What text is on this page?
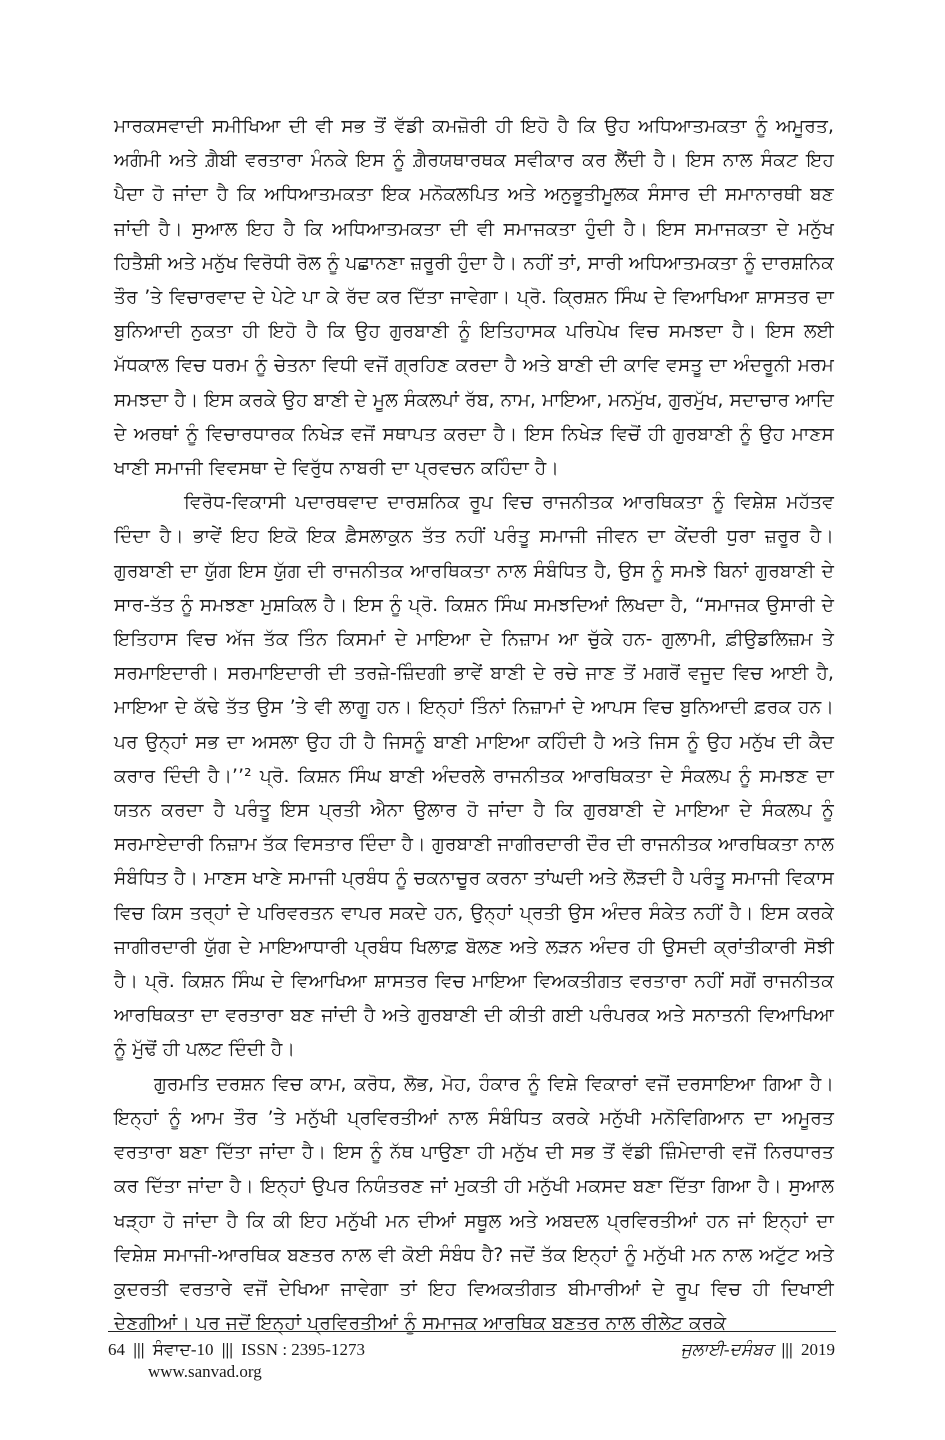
ਮਾਰਕਸਵਾਦੀ ਸਮੀਖਿਆ ਦੀ ਵੀ ਸਭ ਤੋਂ ਵੱਡੀ ਕਮਜ਼ੋਰੀ ਹੀ ਇਹੋ ਹੈ ਕਿ ਉਹ ਅਧਿਆਤਮਕਤਾ ਨੂੰ ਅਮੂਰਤ, ਅਗੰਮੀ ਅਤੇ ਗ਼ੈਬੀ ਵਰਤਾਰਾ ਮੰਨਕੇ ਇਸ ਨੂੰ ਗ਼ੈਰਯਥਾਰਥਕ ਸਵੀਕਾਰ ਕਰ ਲੈਂਦੀ ਹੈ। ਇਸ ਨਾਲ ਸੰਕਟ ਇਹ ਪੈਦਾ ਹੋ ਜਾਂਦਾ ਹੈ ਕਿ ਅਧਿਆਤਮਕਤਾ ਇਕ ਮਨੋਕਲਪਿਤ ਅਤੇ ਅਨੁਭੂਤੀਮੂਲਕ ਸੰਸਾਰ ਦੀ ਸਮਾਨਾਰਥੀ ਬਣ ਜਾਂਦੀ ਹੈ। ਸੁਆਲ ਇਹ ਹੈ ਕਿ ਅਧਿਆਤਮਕਤਾ ਦੀ ਵੀ ਸਮਾਜਕਤਾ ਹੁੰਦੀ ਹੈ। ਇਸ ਸਮਾਜਕਤਾ ਦੇ ਮਨੁੱਖ ਹਿਤੈਸ਼ੀ ਅਤੇ ਮਨੁੱਖ ਵਿਰੋਧੀ ਰੋਲ ਨੂੰ ਪਛਾਨਣਾ ਜ਼ਰੂਰੀ ਹੁੰਦਾ ਹੈ। ਨਹੀਂ ਤਾਂ, ਸਾਰੀ ਅਧਿਆਤਮਕਤਾ ਨੂੰ ਦਾਰਸ਼ਨਿਕ ਤੌਰ ’ਤੇ ਵਿਚਾਰਵਾਦ ਦੇ ਪੇਟੇ ਪਾ ਕੇ ਰੱਦ ਕਰ ਦਿੱਤਾ ਜਾਵੇਗਾ। ਪ੍ਰੋ. ਕ੍ਰਿਸ਼ਨ ਸਿੰਘ ਦੇ ਵਿਆਖਿਆ ਸ਼ਾਸਤਰ ਦਾ ਬੁਨਿਆਦੀ ਨੁਕਤਾ ਹੀ ਇਹੋ ਹੈ ਕਿ ਉਹ ਗੁਰਬਾਣੀ ਨੂੰ ਇਤਿਹਾਸਕ ਪਰਿਪੇਖ ਵਿਚ ਸਮਝਦਾ ਹੈ। ਇਸ ਲਈ ਮੱਧਕਾਲ ਵਿਚ ਧਰਮ ਨੂੰ ਚੇਤਨਾ ਵਿਧੀ ਵਜੋਂ ਗ੍ਰਹਿਣ ਕਰਦਾ ਹੈ ਅਤੇ ਬਾਣੀ ਦੀ ਕਾਵਿ ਵਸਤੂ ਦਾ ਅੰਦਰੂਨੀ ਮਰਮ ਸਮਝਦਾ ਹੈ। ਇਸ ਕਰਕੇ ਉਹ ਬਾਣੀ ਦੇ ਮੂਲ ਸੰਕਲਪਾਂ ਰੱਬ, ਨਾਮ, ਮਾਇਆ, ਮਨਮੁੱਖ, ਗੁਰਮੁੱਖ, ਸਦਾਚਾਰ ਆਦਿ ਦੇ ਅਰਥਾਂ ਨੂੰ ਵਿਚਾਰਧਾਰਕ ਨਿਖੇੜ ਵਜੋਂ ਸਥਾਪਤ ਕਰਦਾ ਹੈ। ਇਸ ਨਿਖੇੜ ਵਿਚੋਂ ਹੀ ਗੁਰਬਾਣੀ ਨੂੰ ਉਹ ਮਾਣਸ ਖਾਣੀ ਸਮਾਜੀ ਵਿਵਸਥਾ ਦੇ ਵਿਰੁੱਧ ਨਾਬਰੀ ਦਾ ਪ੍ਰਵਚਨ ਕਹਿੰਦਾ ਹੈ।

ਵਿਰੋਧ-ਵਿਕਾਸੀ ਪਦਾਰਥਵਾਦ ਦਾਰਸ਼ਨਿਕ ਰੂਪ ਵਿਚ ਰਾਜਨੀਤਕ ਆਰਥਿਕਤਾ ਨੂੰ ਵਿਸ਼ੇਸ਼ ਮਹੱਤਵ ਦਿੰਦਾ ਹੈ। ਭਾਵੇਂ ਇਹ ਇਕੋ ਇਕ ਫ਼ੈਸਲਾਕੁਨ ਤੱਤ ਨਹੀਂ ਪਰੰਤੂ ਸਮਾਜੀ ਜੀਵਨ ਦਾ ਕੇਂਦਰੀ ਧੁਰਾ ਜ਼ਰੂਰ ਹੈ। ਗੁਰਬਾਣੀ ਦਾ ਯੁੱਗ ਇਸ ਯੁੱਗ ਦੀ ਰਾਜਨੀਤਕ ਆਰਥਿਕਤਾ ਨਾਲ ਸੰਬੰਧਿਤ ਹੈ, ਉਸ ਨੂੰ ਸਮਝੇ ਬਿਨਾਂ ਗੁਰਬਾਣੀ ਦੇ ਸਾਰ-ਤੱਤ ਨੂੰ ਸਮਝਣਾ ਮੁਸ਼ਕਿਲ ਹੈ। ਇਸ ਨੂੰ ਪ੍ਰੋ. ਕਿਸ਼ਨ ਸਿੰਘ ਸਮਝਦਿਆਂ ਲਿਖਦਾ ਹੈ, “ਸਮਾਜਕ ਉਸਾਰੀ ਦੇ ਇਤਿਹਾਸ ਵਿਚ ਅੱਜ ਤੱਕ ਤਿੰਨ ਕਿਸਮਾਂ ਦੇ ਮਾਇਆ ਦੇ ਨਿਜ਼ਾਮ ਆ ਚੁੱਕੇ ਹਨ- ਗੁਲਾਮੀ, ਫ਼ੀਉਡਲਿਜ਼ਮ ਤੇ ਸਰਮਾਇਦਾਰੀ। ਸਰਮਾਇਦਾਰੀ ਦੀ ਤਰਜ਼ੇ-ਜ਼ਿੰਦਗੀ ਭਾਵੇਂ ਬਾਣੀ ਦੇ ਰਚੇ ਜਾਣ ਤੋਂ ਮਗਰੋਂ ਵਜੂਦ ਵਿਚ ਆਈ ਹੈ, ਮਾਇਆ ਦੇ ਕੱਢੇ ਤੱਤ ਉਸ ’ਤੇ ਵੀ ਲਾਗੂ ਹਨ। ਇਨ੍ਹਾਂ ਤਿੰਨਾਂ ਨਿਜ਼ਾਮਾਂ ਦੇ ਆਪਸ ਵਿਚ ਬੁਨਿਆਦੀ ਫ਼ਰਕ ਹਨ। ਪਰ ਉਨ੍ਹਾਂ ਸਭ ਦਾ ਅਸਲਾ ਉਹ ਹੀ ਹੈ ਜਿਸਨੂੰ ਬਾਣੀ ਮਾਇਆ ਕਹਿੰਦੀ ਹੈ ਅਤੇ ਜਿਸ ਨੂੰ ਉਹ ਮਨੁੱਖ ਦੀ ਕੈਦ ਕਰਾਰ ਦਿੰਦੀ ਹੈ।’’² ਪ੍ਰੋ. ਕਿਸ਼ਨ ਸਿੰਘ ਬਾਣੀ ਅੰਦਰਲੇ ਰਾਜਨੀਤਕ ਆਰਥਿਕਤਾ ਦੇ ਸੰਕਲਪ ਨੂੰ ਸਮਝਣ ਦਾ ਯਤਨ ਕਰਦਾ ਹੈ ਪਰੰਤੂ ਇਸ ਪ੍ਰਤੀ ਐਨਾ ਉਲਾਰ ਹੋ ਜਾਂਦਾ ਹੈ ਕਿ ਗੁਰਬਾਣੀ ਦੇ ਮਾਇਆ ਦੇ ਸੰਕਲਪ ਨੂੰ ਸਰਮਾਏਦਾਰੀ ਨਿਜ਼ਾਮ ਤੱਕ ਵਿਸਤਾਰ ਦਿੰਦਾ ਹੈ। ਗੁਰਬਾਣੀ ਜਾਗੀਰਦਾਰੀ ਦੌਰ ਦੀ ਰਾਜਨੀਤਕ ਆਰਥਿਕਤਾ ਨਾਲ ਸੰਬੰਧਿਤ ਹੈ। ਮਾਣਸ ਖਾਣੇ ਸਮਾਜੀ ਪ੍ਰਬੰਧ ਨੂੰ ਚਕਨਾਚੂਰ ਕਰਨਾ ਤਾਂਘਦੀ ਅਤੇ ਲੋੜਦੀ ਹੈ ਪਰੰਤੂ ਸਮਾਜੀ ਵਿਕਾਸ ਵਿਚ ਕਿਸ ਤਰ੍ਹਾਂ ਦੇ ਪਰਿਵਰਤਨ ਵਾਪਰ ਸਕਦੇ ਹਨ, ਉਨ੍ਹਾਂ ਪ੍ਰਤੀ ਉਸ ਅੰਦਰ ਸੰਕੇਤ ਨਹੀਂ ਹੈ। ਇਸ ਕਰਕੇ ਜਾਗੀਰਦਾਰੀ ਯੁੱਗ ਦੇ ਮਾਇਆਧਾਰੀ ਪ੍ਰਬੰਧ ਖਿਲਾਫ਼ ਬੋਲਣ ਅਤੇ ਲੜਨ ਅੰਦਰ ਹੀ ਉਸਦੀ ਕ੍ਰਾਂਤੀਕਾਰੀ ਸੋਝੀ ਹੈ। ਪ੍ਰੋ. ਕਿਸ਼ਨ ਸਿੰਘ ਦੇ ਵਿਆਖਿਆ ਸ਼ਾਸਤਰ ਵਿਚ ਮਾਇਆ ਵਿਅਕਤੀਗਤ ਵਰਤਾਰਾ ਨਹੀਂ ਸਗੋਂ ਰਾਜਨੀਤਕ ਆਰਥਿਕਤਾ ਦਾ ਵਰਤਾਰਾ ਬਣ ਜਾਂਦੀ ਹੈ ਅਤੇ ਗੁਰਬਾਣੀ ਦੀ ਕੀਤੀ ਗਈ ਪਰੰਪਰਕ ਅਤੇ ਸਨਾਤਨੀ ਵਿਆਖਿਆ ਨੂੰ ਮੁੱਢੋਂ ਹੀ ਪਲਟ ਦਿੰਦੀ ਹੈ।

ਗੁਰਮਤਿ ਦਰਸ਼ਨ ਵਿਚ ਕਾਮ, ਕਰੋਧ, ਲੋਭ, ਮੋਹ, ਹੰਕਾਰ ਨੂੰ ਵਿਸ਼ੇ ਵਿਕਾਰਾਂ ਵਜੋਂ ਦਰਸਾਇਆ ਗਿਆ ਹੈ। ਇਨ੍ਹਾਂ ਨੂੰ ਆਮ ਤੌਰ ’ਤੇ ਮਨੁੱਖੀ ਪ੍ਰਵਿਰਤੀਆਂ ਨਾਲ ਸੰਬੰਧਿਤ ਕਰਕੇ ਮਨੁੱਖੀ ਮਨੋਵਿਗਿਆਨ ਦਾ ਅਮੂਰਤ ਵਰਤਾਰਾ ਬਣਾ ਦਿੱਤਾ ਜਾਂਦਾ ਹੈ। ਇਸ ਨੂੰ ਨੱਥ ਪਾਉਣਾ ਹੀ ਮਨੁੱਖ ਦੀ ਸਭ ਤੋਂ ਵੱਡੀ ਜ਼ਿੰਮੇਦਾਰੀ ਵਜੋਂ ਨਿਰਧਾਰਤ ਕਰ ਦਿੱਤਾ ਜਾਂਦਾ ਹੈ। ਇਨ੍ਹਾਂ ਉਪਰ ਨਿਯੰਤਰਣ ਜਾਂ ਮੁਕਤੀ ਹੀ ਮਨੁੱਖੀ ਮਕਸਦ ਬਣਾ ਦਿੱਤਾ ਗਿਆ ਹੈ। ਸੁਆਲ ਖੜ੍ਹਾ ਹੋ ਜਾਂਦਾ ਹੈ ਕਿ ਕੀ ਇਹ ਮਨੁੱਖੀ ਮਨ ਦੀਆਂ ਸਥੂਲ ਅਤੇ ਅਬਦਲ ਪ੍ਰਵਿਰਤੀਆਂ ਹਨ ਜਾਂ ਇਨ੍ਹਾਂ ਦਾ ਵਿਸ਼ੇਸ਼ ਸਮਾਜੀ-ਆਰਥਿਕ ਬਣਤਰ ਨਾਲ ਵੀ ਕੋਈ ਸੰਬੰਧ ਹੈ? ਜਦੋਂ ਤੱਕ ਇਨ੍ਹਾਂ ਨੂੰ ਮਨੁੱਖੀ ਮਨ ਨਾਲ ਅਟੁੱਟ ਅਤੇ ਕੁਦਰਤੀ ਵਰਤਾਰੇ ਵਜੋਂ ਦੇਖਿਆ ਜਾਵੇਗਾ ਤਾਂ ਇਹ ਵਿਅਕਤੀਗਤ ਬੀਮਾਰੀਆਂ ਦੇ ਰੂਪ ਵਿਚ ਹੀ ਦਿਖਾਈ ਦੇਣਗੀਆਂ। ਪਰ ਜਦੋਂ ਇਨ੍ਹਾਂ ਪ੍ਰਵਿਰਤੀਆਂ ਨੂੰ ਸਮਾਜਕ ਆਰਥਿਕ ਬਣਤਰ ਨਾਲ ਰੀਲੇਟ ਕਰਕੇ

64 ||| ਸੰਵਾਦ-10 ||| ISSN : 2395-1273	ਜੁਲਾਈ-ਦਸੰਬਰ ||| 2019
www.sanvad.org
